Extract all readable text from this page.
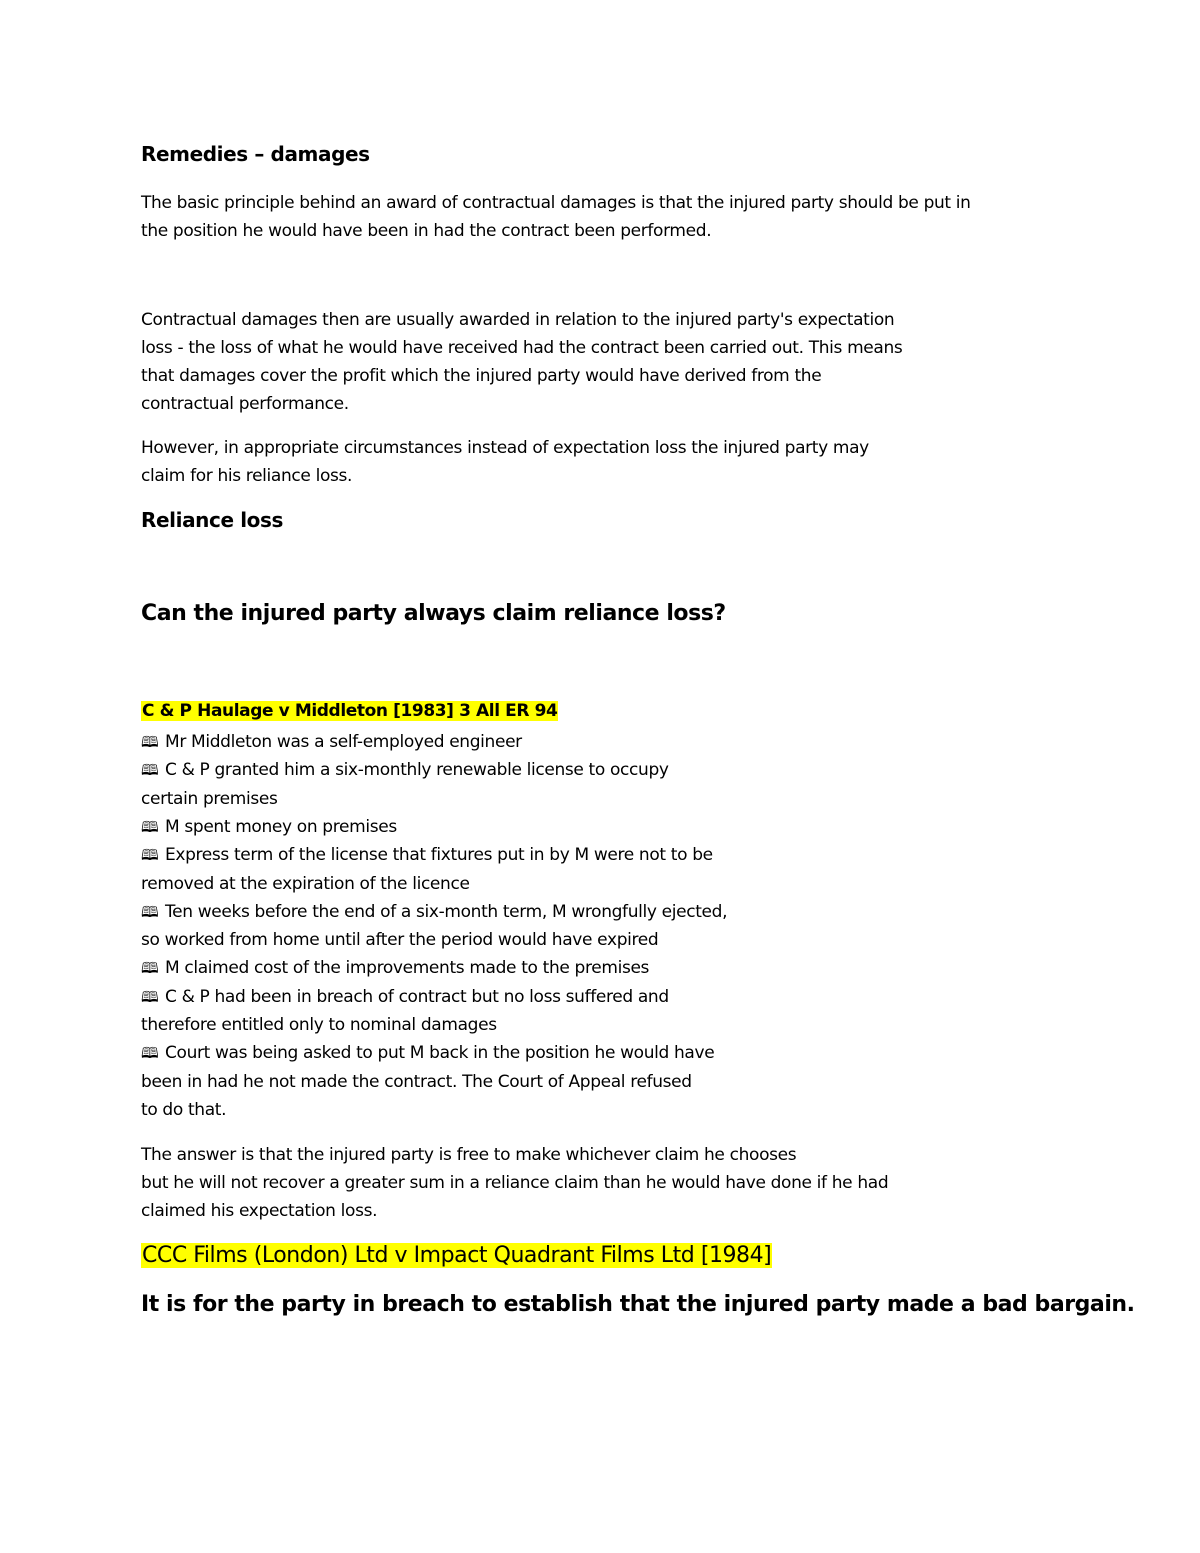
Remedies – damages
The basic principle behind an award of contractual damages is that the injured party should be put in
the position he would have been in had the contract been performed.
Contractual damages then are usually awarded in relation to the injured party's expectation
loss - the loss of what he would have received had the contract been carried out. This means
that damages cover the profit which the injured party would have derived from the
contractual performance.
However, in appropriate circumstances instead of expectation loss the injured party may
claim for his reliance loss.
Reliance loss
Can the injured party always claim reliance loss?
C & P Haulage v Middleton [1983] 3 All ER 94
🕮 Mr Middleton was a self-employed engineer
🕮 C & P granted him a six-monthly renewable license to occupy
certain premises
🕮 M spent money on premises
🕮 Express term of the license that fixtures put in by M were not to be
removed at the expiration of the licence
🕮 Ten weeks before the end of a six-month term, M wrongfully ejected,
so worked from home until after the period would have expired
🕮 M claimed cost of the improvements made to the premises
🕮 C & P had been in breach of contract but no loss suffered and
therefore entitled only to nominal damages
🕮 Court was being asked to put M back in the position he would have
been in had he not made the contract. The Court of Appeal refused
to do that.
The answer is that the injured party is free to make whichever claim he chooses
but he will not recover a greater sum in a reliance claim than he would have done if he had
claimed his expectation loss.
CCC Films (London) Ltd v Impact Quadrant Films Ltd [1984]
It is for the party in breach to establish that the injured party made a bad bargain.
